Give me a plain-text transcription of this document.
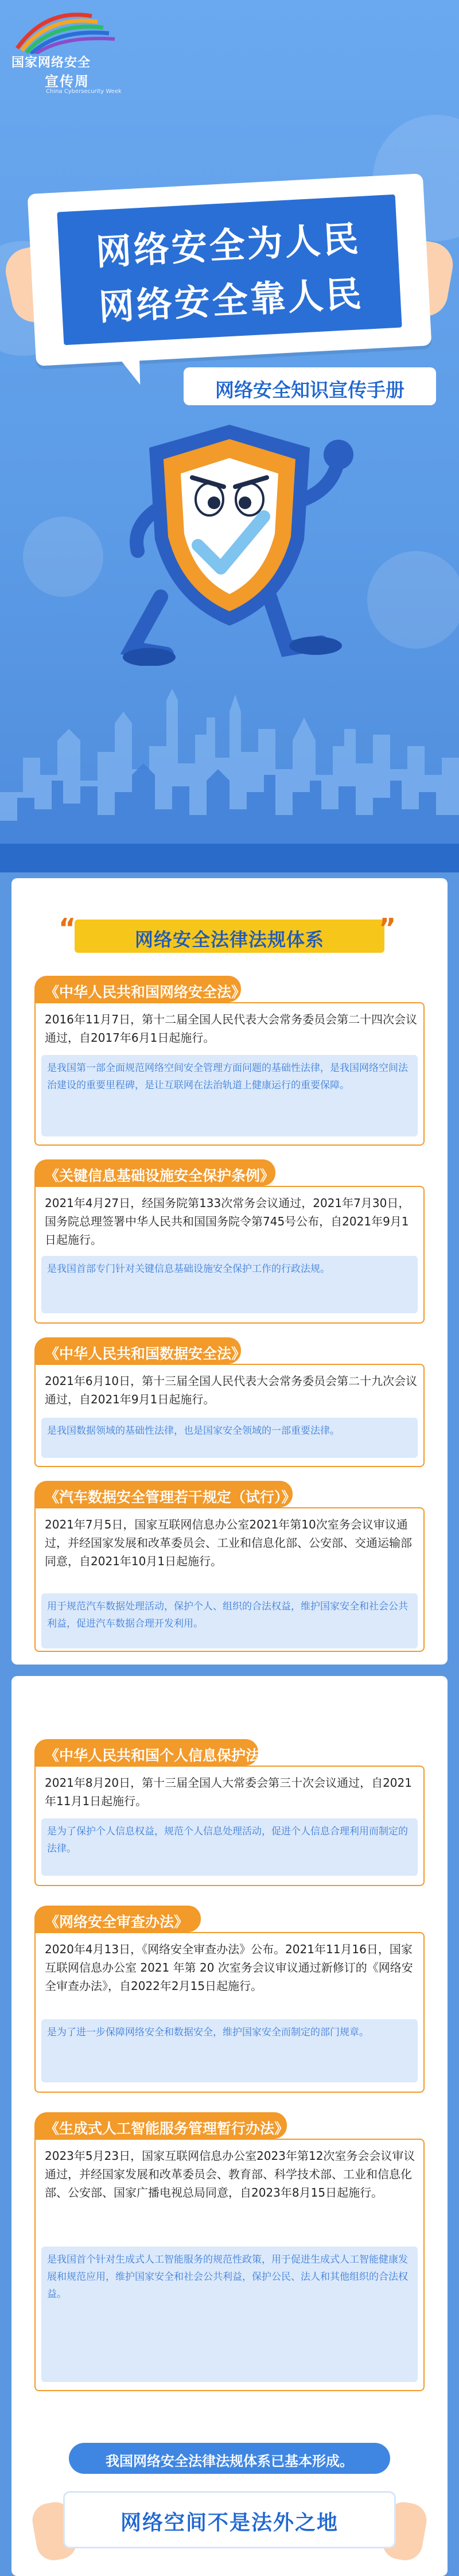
国家网络安全
宣传周
China Cybersecurity Week
网络安全为人民
网络安全靠人民
网络安全知识宣传手册
网络安全法律法规体系
“	”
《中华人民共和国网络安全法》
2016年11月7日，第十二届全国人民代表大会常务委员会第二十四次会议通过，自2017年6月1日起施行。
是我国第一部全面规范网络空间安全管理方面问题的基础性法律，是我国网络空间法治建设的重要里程碑，是让互联网在法治轨道上健康运行的重要保障。
《关键信息基础设施安全保护条例》
2021年4月27日，经国务院第133次常务会议通过，2021年7月30日，国务院总理签署中华人民共和国国务院令第745号公布，自2021年9月1日起施行。
是我国首部专门针对关键信息基础设施安全保护工作的行政法规。
《中华人民共和国数据安全法》
2021年6月10日，第十三届全国人民代表大会常务委员会第二十九次会议通过，自2021年9月1日起施行。
是我国数据领域的基础性法律，也是国家安全领域的一部重要法律。
《汽车数据安全管理若干规定（试行）》
2021年7月5日，国家互联网信息办公室2021年第10次室务会议审议通过，并经国家发展和改革委员会、工业和信息化部、公安部、交通运输部同意，自2021年10月1日起施行。
用于规范汽车数据处理活动，保护个人、组织的合法权益，维护国家安全和社会公共利益，促进汽车数据合理开发利用。
《中华人民共和国个人信息保护法》
2021年8月20日，第十三届全国人大常委会第三十次会议通过，自2021年11月1日起施行。
是为了保护个人信息权益，规范个人信息处理活动，促进个人信息合理利用而制定的法律。
《网络安全审查办法》
2020年4月13日，《网络安全审查办法》公布。2021年11月16日，国家互联网信息办公室 2021 年第 20 次室务会议审议通过新修订的《网络安全审查办法》，自2022年2月15日起施行。
是为了进一步保障网络安全和数据安全，维护国家安全而制定的部门规章。
《生成式人工智能服务管理暂行办法》
2023年5月23日，国家互联网信息办公室2023年第12次室务会会议审议通过，并经国家发展和改革委员会、教育部、科学技术部、工业和信息化部、公安部、国家广播电视总局同意，自2023年8月15日起施行。
是我国首个针对生成式人工智能服务的规范性政策，用于促进生成式人工智能健康发展和规范应用，维护国家安全和社会公共利益，保护公民、法人和其他组织的合法权益。
我国网络安全法律法规体系已基本形成。
网络空间不是法外之地
